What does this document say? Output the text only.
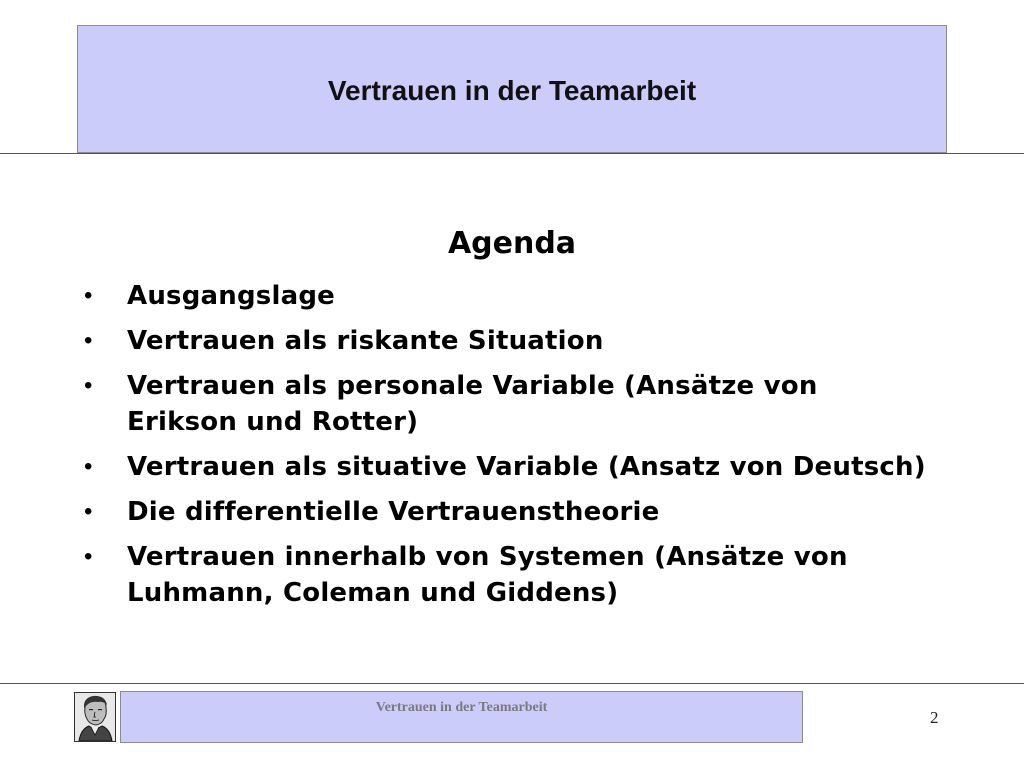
Vertrauen in der Teamarbeit
Agenda
•	Ausgangslage
•	Vertrauen als riskante Situation
•	Vertrauen als personale Variable (Ansätze von Erikson und Rotter)
•	Vertrauen als situative Variable (Ansatz von Deutsch)
•	Die differentielle Vertrauenstheorie
•	Vertrauen innerhalb von Systemen (Ansätze von Luhmann, Coleman und Giddens)
Vertrauen in der Teamarbeit
2
